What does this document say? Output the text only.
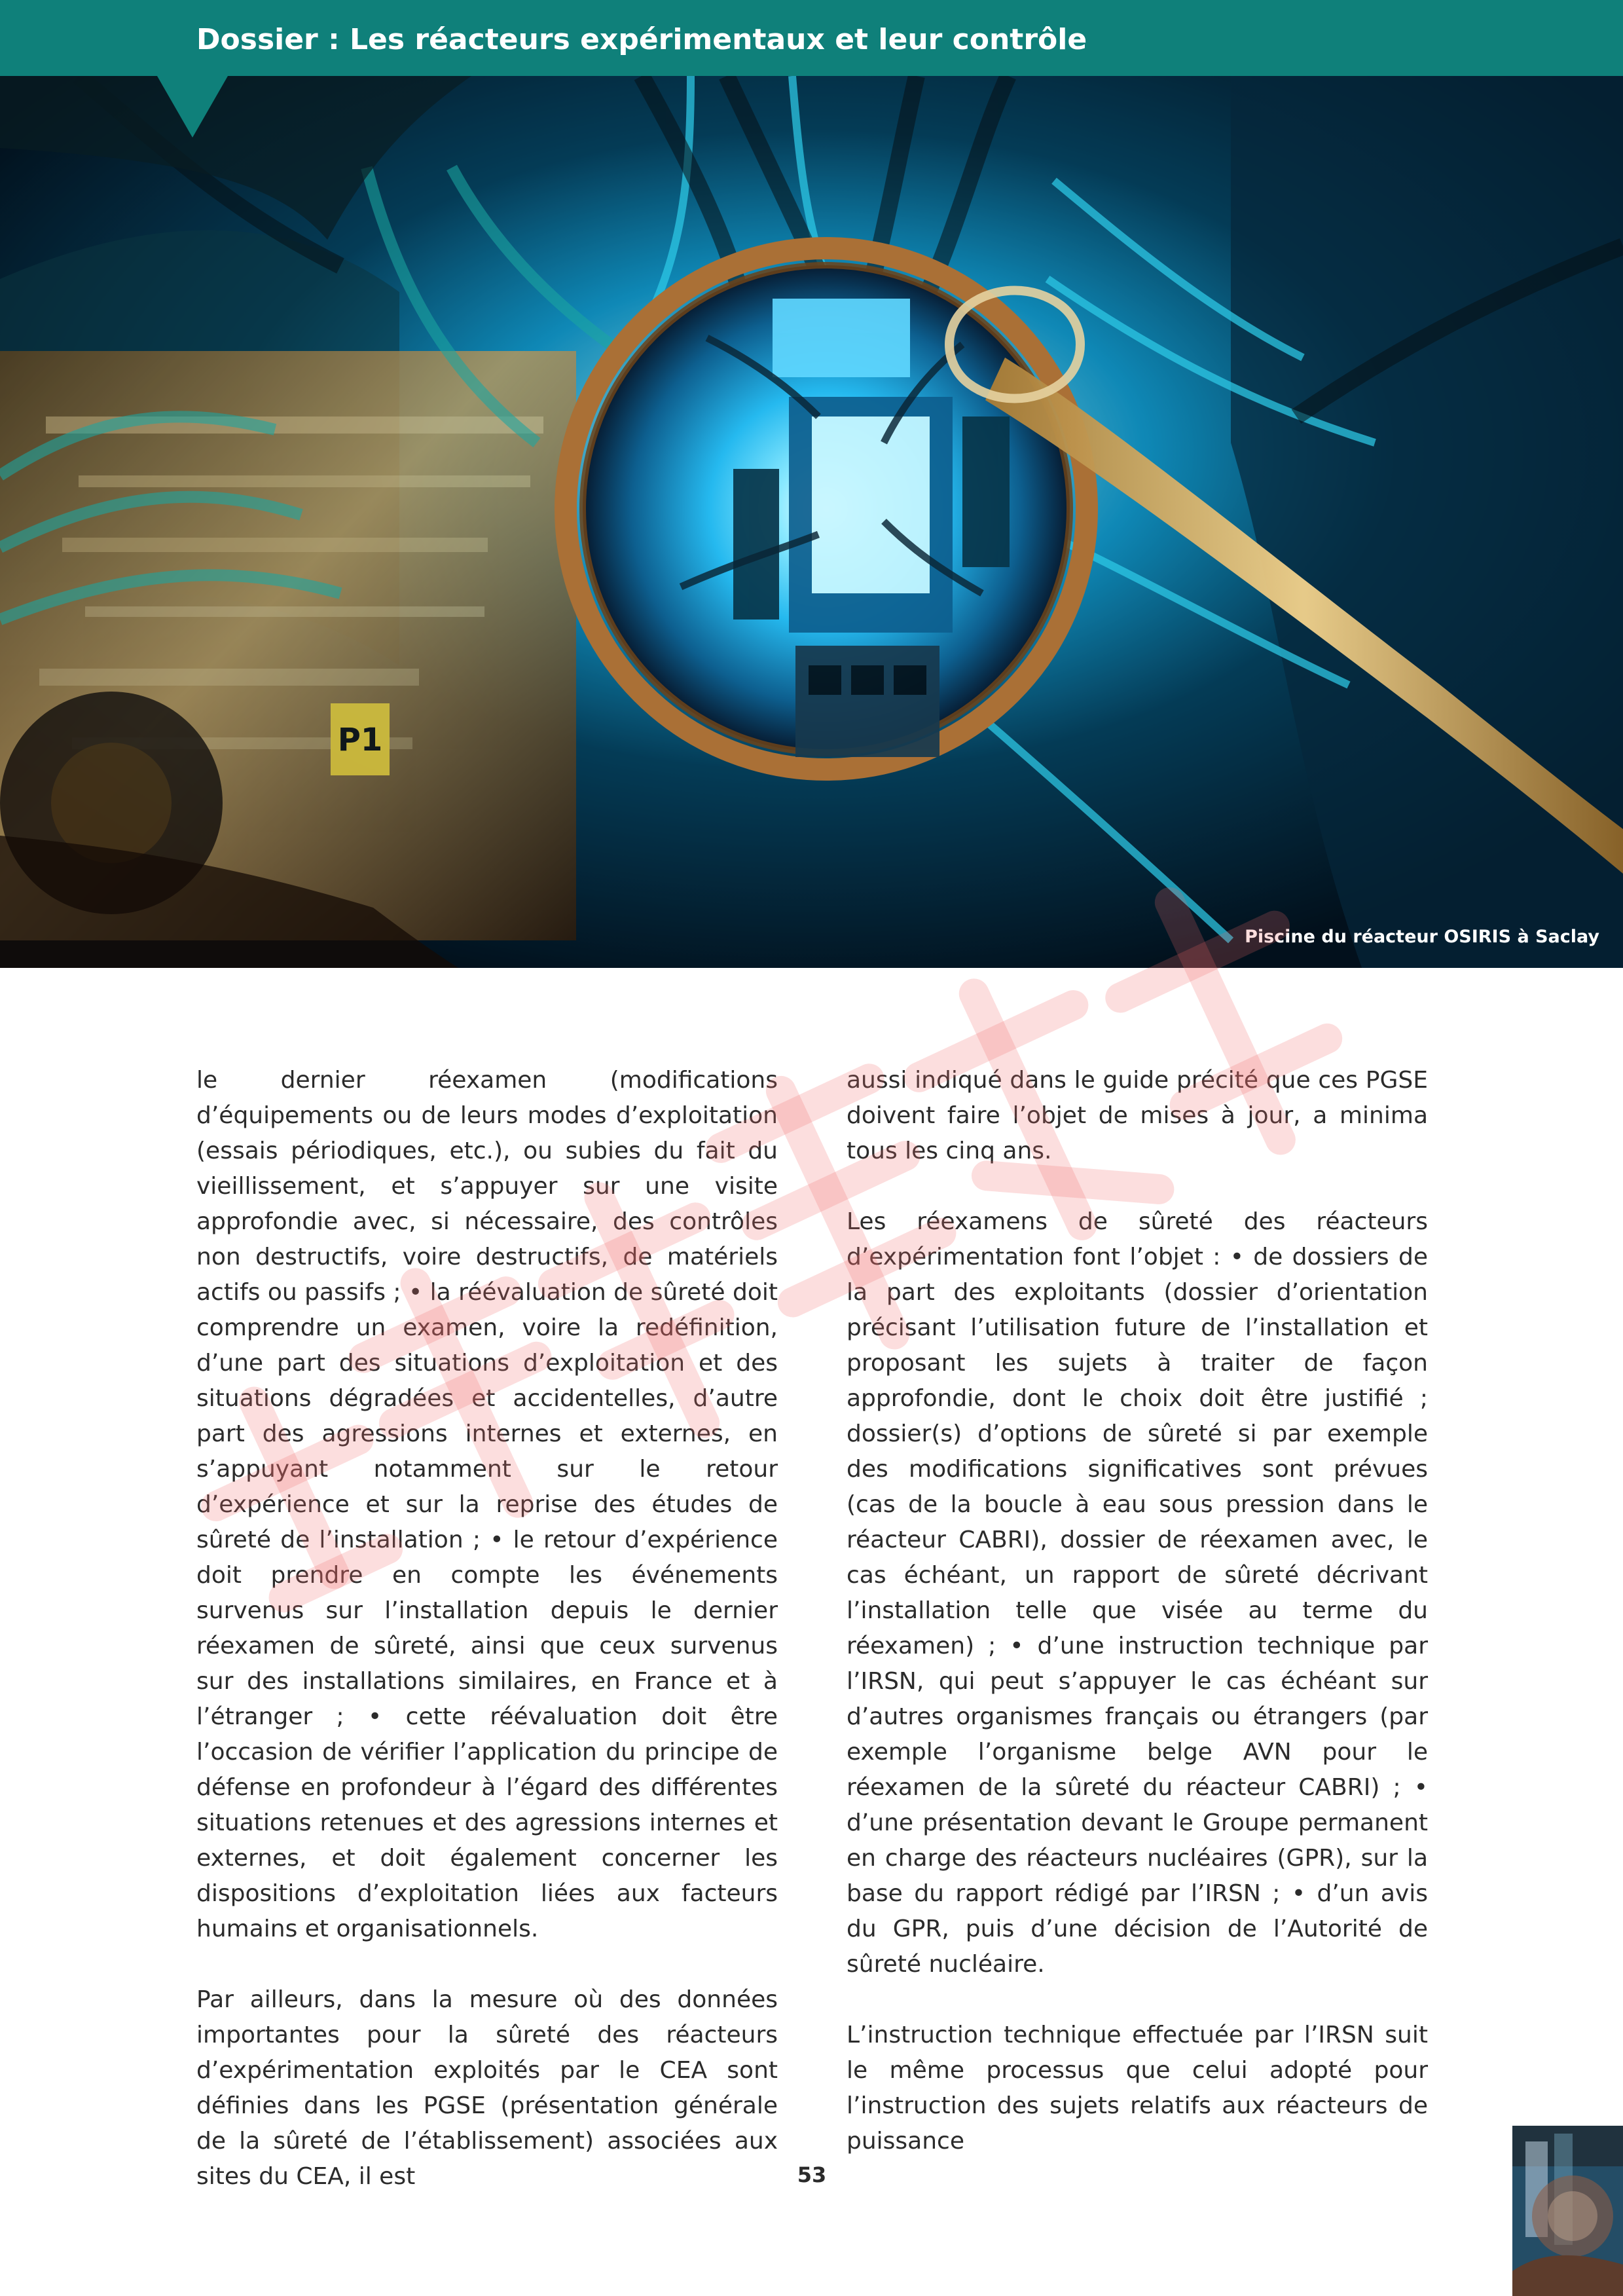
Dossier : Les réacteurs expérimentaux et leur contrôle
P1

Piscine du réacteur OSIRIS à Saclay

le dernier réexamen (modifications d’équipements ou de leurs modes d’exploitation (essais périodiques, etc.), ou subies du fait du vieillissement, et s’appuyer sur une visite approfondie avec, si nécessaire, des contrôles non destructifs, voire destructifs, de matériels actifs ou passifs ; • la réévaluation de sûreté doit comprendre un examen, voire la redéfinition, d’une part des situations d’exploitation et des situations dégradées et accidentelles, d’autre part des agressions internes et externes, en s’appuyant notamment sur le retour d’expérience et sur la reprise des études de sûreté de l’installation ; • le retour d’expérience doit prendre en compte les événements survenus sur l’installation depuis le dernier réexamen de sûreté, ainsi que ceux survenus sur des installations similaires, en France et à l’étranger ; • cette réévaluation doit être l’occasion de vérifier l’application du principe de défense en profondeur à l’égard des différentes situations retenues et des agressions internes et externes, et doit également concerner les dispositions d’exploitation liées aux facteurs humains et organisationnels.

Par ailleurs, dans la mesure où des données importantes pour la sûreté des réacteurs d’expérimentation exploités par le CEA sont définies dans les PGSE (présentation générale de la sûreté de l’établissement) associées aux sites du CEA, il est

aussi indiqué dans le guide précité que ces PGSE doivent faire l’objet de mises à jour, a minima tous les cinq ans.

Les réexamens de sûreté des réacteurs d’expérimentation font l’objet : • de dossiers de la part des exploitants (dossier d’orientation précisant l’utilisation future de l’installation et proposant les sujets à traiter de façon approfondie, dont le choix doit être justifié ; dossier(s) d’options de sûreté si par exemple des modifications significatives sont prévues (cas de la boucle à eau sous pression dans le réacteur CABRI), dossier de réexamen avec, le cas échéant, un rapport de sûreté décrivant l’installation telle que visée au terme du réexamen) ; • d’une instruction technique par l’IRSN, qui peut s’appuyer le cas échéant sur d’autres organismes français ou étrangers (par exemple l’organisme belge AVN pour le réexamen de la sûreté du réacteur CABRI) ; • d’une présentation devant le Groupe permanent en charge des réacteurs nucléaires (GPR), sur la base du rapport rédigé par l’IRSN ; • d’un avis du GPR, puis d’une décision de l’Autorité de sûreté nucléaire.

L’instruction technique effectuée par l’IRSN suit le même processus que celui adopté pour l’instruction des sujets relatifs aux réacteurs de puissance

53
